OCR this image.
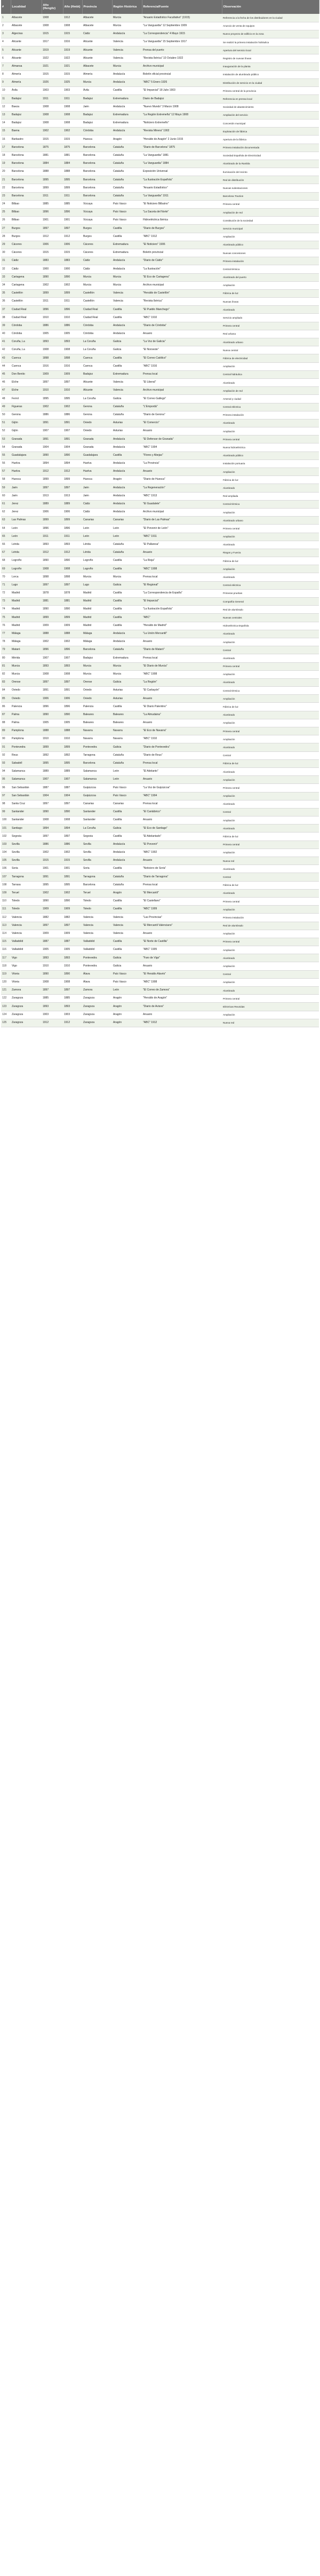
#	Localidad	Año (Hengitz)	Año (Hmbt)	Provincia	Región Histórica	Referencia/Fuente	Observación
1	Albacete	1908	1912	Albacete	Murcia	"Anuario Estadístico Facultativo" (1915)	Referencia a la fecha de los distribuidores en la ciudad
2	Albacete	1908	1908	Albacete	Murcia	"La Vanguardia" 12 Septiembre 1909	Anuncio de venta de equipos
3	Algeciras	1915	1915	Cádiz	Andalucía	"La Correspondencia" 4 Mayo 1915	Nuevo proyecto de edificio en la zona
4	Alicante	1917	1916	Alicante	Valencia	"La Vanguardia" 15 Septiembre 1917	Se realizó la primera instalación hidráulica
5	Alicante	1919	1919	Alicante	Valencia	Prensa del puerto	Apertura del servicio local
6	Alicante	1922	1922	Alicante	Valencia	"Revista Ibérica" 10 Octubre 1922	Registro de nuevas líneas
7	Almansa	1921	1921	Albacete	Murcia	Archivo municipal	Inauguración de la planta
8	Almería	1915	1915	Almería	Andalucía	Boletín oficial provincial	Instalación de alumbrado público
9	Almería	1926	1925	Murcia	Andalucía	"ABC" 5 Enero 1926	Distribución de servicio en la ciudad
10	Ávila	1903	1903	Ávila	Castilla	"El Imparcial" 18 Julio 1903	Primera central de la provincia
11	Badajoz	1911	1911	Badajoz	Extremadura	Diario de Badajoz	Referencia en prensa local
12	Baeza	1908	1908	Jaén	Andalucía	"Nuevo Mundo" 3 Marzo 1908	Sociedad de abastecimiento
13	Badajoz	1908	1908	Badajoz	Extremadura	"La Región Extremeña" 12 Mayo 1908	Ampliación del servicio
14	Badajoz	1908	1908	Badajoz	Extremadura	"Noticiero Extremeño"	Concesión municipal
15	Baena	1902	1902	Córdoba	Andalucía	"Revista Minera" 1902	Explotación de fábrica
16	Barbastro	1915	1915	Huesca	Aragón	"Heraldo de Aragón" 2 Junio 1915	Apertura de la fábrica
17	Barcelona	1875	1875	Barcelona	Cataluña	"Diario de Barcelona" 1875	Primera instalación documentada
18	Barcelona	1881	1881	Barcelona	Cataluña	"La Vanguardia" 1881	Sociedad Española de Electricidad
19	Barcelona	1884	1884	Barcelona	Cataluña	"La Vanguardia" 1884	Alumbrado de la Rambla
20	Barcelona	1888	1888	Barcelona	Cataluña	Exposición Universal	Iluminación del recinto
21	Barcelona	1895	1895	Barcelona	Cataluña	"La Ilustración Española"	Red de distribución
22	Barcelona	1899	1899	Barcelona	Cataluña	"Anuario Estadístico"	Nuevas subestaciones
23	Barcelona	1911	1911	Barcelona	Cataluña	"La Vanguardia" 1911	Barcelona Traction
24	Bilbao	1885	1885	Vizcaya	País Vasco	"El Noticiero Bilbaíno"	Primera central
25	Bilbao	1896	1896	Vizcaya	País Vasco	"La Gaceta del Norte"	Ampliación de red
26	Bilbao	1901	1901	Vizcaya	País Vasco	Hidroeléctrica Ibérica	Constitución de la sociedad
27	Burgos	1897	1897	Burgos	Castilla	"Diario de Burgos"	Servicio municipal
28	Burgos	1912	1912	Burgos	Castilla	"ABC" 1912	Ampliación
29	Cáceres	1906	1906	Cáceres	Extremadura	"El Noticiero" 1906	Alumbrado público
30	Cáceres	1915	1915	Cáceres	Extremadura	Boletín provincial	Nuevas concesiones
31	Cádiz	1883	1883	Cádiz	Andalucía	"Diario de Cádiz"	Primera instalación
32	Cádiz	1900	1900	Cádiz	Andalucía	"La Ilustración"	Central térmica
33	Cartagena	1890	1890	Murcia	Murcia	"El Eco de Cartagena"	Alumbrado del puerto
34	Cartagena	1902	1902	Murcia	Murcia	Archivo municipal	Ampliación
35	Castellón	1899	1899	Castellón	Valencia	"Heraldo de Castellón"	Fábrica de luz
36	Castellón	1911	1911	Castellón	Valencia	"Revista Ibérica"	Nuevas líneas
37	Ciudad Real	1896	1896	Ciudad Real	Castilla	"El Pueblo Manchego"	Alumbrado
38	Ciudad Real	1910	1910	Ciudad Real	Castilla	"ABC" 1910	Servicio ampliado
39	Córdoba	1886	1886	Córdoba	Andalucía	"Diario de Córdoba"	Primera central
40	Córdoba	1905	1905	Córdoba	Andalucía	Anuario	Red urbana
41	Coruña, La	1893	1893	La Coruña	Galicia	"La Voz de Galicia"	Alumbrado urbano
42	Coruña, La	1908	1908	La Coruña	Galicia	"El Noroeste"	Nueva central
43	Cuenca	1898	1898	Cuenca	Castilla	"El Correo Católico"	Fábrica de electricidad
44	Cuenca	1916	1916	Cuenca	Castilla	"ABC" 1916	Ampliación
45	Don Benito	1909	1909	Badajoz	Extremadura	Prensa local	Central hidráulica
46	Elche	1897	1897	Alicante	Valencia	"El Liberal"	Alumbrado
47	Elche	1910	1910	Alicante	Valencia	Archivo municipal	Ampliación de red
48	Ferrol	1895	1895	La Coruña	Galicia	"El Correo Gallego"	Arsenal y ciudad
49	Figueras	1902	1902	Gerona	Cataluña	"L'Empordà"	Central eléctrica
50	Gerona	1886	1886	Gerona	Cataluña	"Diario de Gerona"	Primera instalación
51	Gijón	1891	1891	Oviedo	Asturias	"El Comercio"	Alumbrado
52	Gijón	1907	1907	Oviedo	Asturias	Anuario	Ampliación
53	Granada	1891	1891	Granada	Andalucía	"El Defensor de Granada"	Primera central
54	Granada	1904	1904	Granada	Andalucía	"ABC" 1904	Nueva hidroeléctrica
55	Guadalajara	1890	1890	Guadalajara	Castilla	"Flores y Abejas"	Alumbrado público
56	Huelva	1894	1894	Huelva	Andalucía	"La Provincia"	Instalación portuaria
57	Huelva	1912	1912	Huelva	Andalucía	Anuario	Ampliación
58	Huesca	1899	1899	Huesca	Aragón	"Diario de Huesca"	Fábrica de luz
59	Jaén	1897	1897	Jaén	Andalucía	"La Regeneración"	Alumbrado
60	Jaén	1913	1913	Jaén	Andalucía	"ABC" 1913	Red ampliada
61	Jerez	1889	1889	Cádiz	Andalucía	"El Guadalete"	Central térmica
62	Jerez	1906	1906	Cádiz	Andalucía	Archivo municipal	Ampliación
63	Las Palmas	1899	1899	Canarias	Canarias	"Diario de Las Palmas"	Alumbrado urbano
64	León	1896	1896	León	León	"El Porvenir de León"	Primera central
65	León	1911	1911	León	León	"ABC" 1911	Ampliación
66	Lérida	1893	1893	Lérida	Cataluña	"El Pallaresa"	Alumbrado
67	Lérida	1912	1912	Lérida	Cataluña	Anuario	Riegos y Fuerza
68	Logroño	1890	1890	Logroño	Castilla	"La Rioja"	Fábrica de luz
69	Logroño	1908	1908	Logroño	Castilla	"ABC" 1908	Ampliación
70	Lorca	1898	1898	Murcia	Murcia	Prensa local	Alumbrado
71	Lugo	1897	1897	Lugo	Galicia	"El Regional"	Central eléctrica
72	Madrid	1878	1878	Madrid	Castilla	"La Correspondencia de España"	Primeras pruebas
73	Madrid	1881	1881	Madrid	Castilla	"El Imparcial"	Compañía General
74	Madrid	1890	1890	Madrid	Castilla	"La Ilustración Española"	Red de alumbrado
75	Madrid	1899	1899	Madrid	Castilla	"ABC"	Nuevas centrales
76	Madrid	1909	1909	Madrid	Castilla	"Heraldo de Madrid"	Hidroeléctrica Española
77	Málaga	1888	1888	Málaga	Andalucía	"La Unión Mercantil"	Alumbrado
78	Málaga	1902	1902	Málaga	Andalucía	Anuario	Ampliación
79	Mataró	1896	1896	Barcelona	Cataluña	"Diario de Mataró"	Central
80	Mérida	1907	1907	Badajoz	Extremadura	Prensa local	Alumbrado
81	Murcia	1893	1893	Murcia	Murcia	"El Diario de Murcia"	Primera central
82	Murcia	1908	1908	Murcia	Murcia	"ABC" 1908	Ampliación
83	Orense	1897	1897	Orense	Galicia	"La Región"	Alumbrado
84	Oviedo	1891	1891	Oviedo	Asturias	"El Carbayón"	Central térmica
85	Oviedo	1906	1906	Oviedo	Asturias	Anuario	Ampliación
86	Palencia	1896	1896	Palencia	Castilla	"El Diario Palentino"	Fábrica de luz
87	Palma	1890	1890	Baleares	Baleares	"La Almudaina"	Alumbrado
88	Palma	1905	1905	Baleares	Baleares	Anuario	Ampliación
89	Pamplona	1888	1888	Navarra	Navarra	"El Eco de Navarra"	Primera central
90	Pamplona	1910	1910	Navarra	Navarra	"ABC" 1910	Ampliación
91	Pontevedra	1899	1899	Pontevedra	Galicia	"Diario de Pontevedra"	Alumbrado
92	Reus	1892	1892	Tarragona	Cataluña	"Diario de Reus"	Central
93	Sabadell	1895	1895	Barcelona	Cataluña	Prensa local	Fábrica de luz
94	Salamanca	1889	1889	Salamanca	León	"El Adelanto"	Alumbrado
95	Salamanca	1907	1907	Salamanca	León	Anuario	Ampliación
96	San Sebastián	1887	1887	Guipúzcoa	País Vasco	"La Voz de Guipúzcoa"	Primera central
97	San Sebastián	1904	1904	Guipúzcoa	País Vasco	"ABC" 1904	Ampliación
98	Santa Cruz	1897	1897	Canarias	Canarias	Prensa local	Alumbrado
99	Santander	1890	1890	Santander	Castilla	"El Cantábrico"	Central
100	Santander	1908	1908	Santander	Castilla	Anuario	Ampliación
101	Santiago	1894	1894	La Coruña	Galicia	"El Eco de Santiago"	Alumbrado
102	Segovia	1897	1897	Segovia	Castilla	"El Adelantado"	Fábrica de luz
103	Sevilla	1886	1886	Sevilla	Andalucía	"El Porvenir"	Primera central
104	Sevilla	1902	1902	Sevilla	Andalucía	"ABC" 1902	Ampliación
105	Sevilla	1915	1915	Sevilla	Andalucía	Anuario	Nueva red
106	Soria	1901	1901	Soria	Castilla	"Noticiero de Soria"	Alumbrado
107	Tarragona	1891	1891	Tarragona	Cataluña	"Diario de Tarragona"	Central
108	Tarrasa	1895	1895	Barcelona	Cataluña	Prensa local	Fábrica de luz
109	Teruel	1902	1902	Teruel	Aragón	"El Mercantil"	Alumbrado
110	Toledo	1890	1890	Toledo	Castilla	"El Castellano"	Primera central
111	Toledo	1909	1909	Toledo	Castilla	"ABC" 1909	Ampliación
112	Valencia	1882	1882	Valencia	Valencia	"Las Provincias"	Primera instalación
113	Valencia	1897	1897	Valencia	Valencia	"El Mercantil Valenciano"	Red de alumbrado
114	Valencia	1909	1909	Valencia	Valencia	Anuario	Ampliación
115	Valladolid	1887	1887	Valladolid	Castilla	"El Norte de Castilla"	Primera central
116	Valladolid	1905	1905	Valladolid	Castilla	"ABC" 1905	Ampliación
117	Vigo	1893	1893	Pontevedra	Galicia	"Faro de Vigo"	Alumbrado
118	Vigo	1910	1910	Pontevedra	Galicia	Anuario	Ampliación
119	Vitoria	1890	1890	Álava	País Vasco	"El Heraldo Alavés"	Central
120	Vitoria	1908	1908	Álava	País Vasco	"ABC" 1908	Ampliación
121	Zamora	1897	1897	Zamora	León	"El Correo de Zamora"	Alumbrado
122	Zaragoza	1885	1885	Zaragoza	Aragón	"Heraldo de Aragón"	Primera central
123	Zaragoza	1893	1893	Zaragoza	Aragón	"Diario de Avisos"	Eléctricas Reunidas
124	Zaragoza	1903	1903	Zaragoza	Aragón	Anuario	Ampliación
125	Zaragoza	1912	1912	Zaragoza	Aragón	"ABC" 1912	Nueva red
